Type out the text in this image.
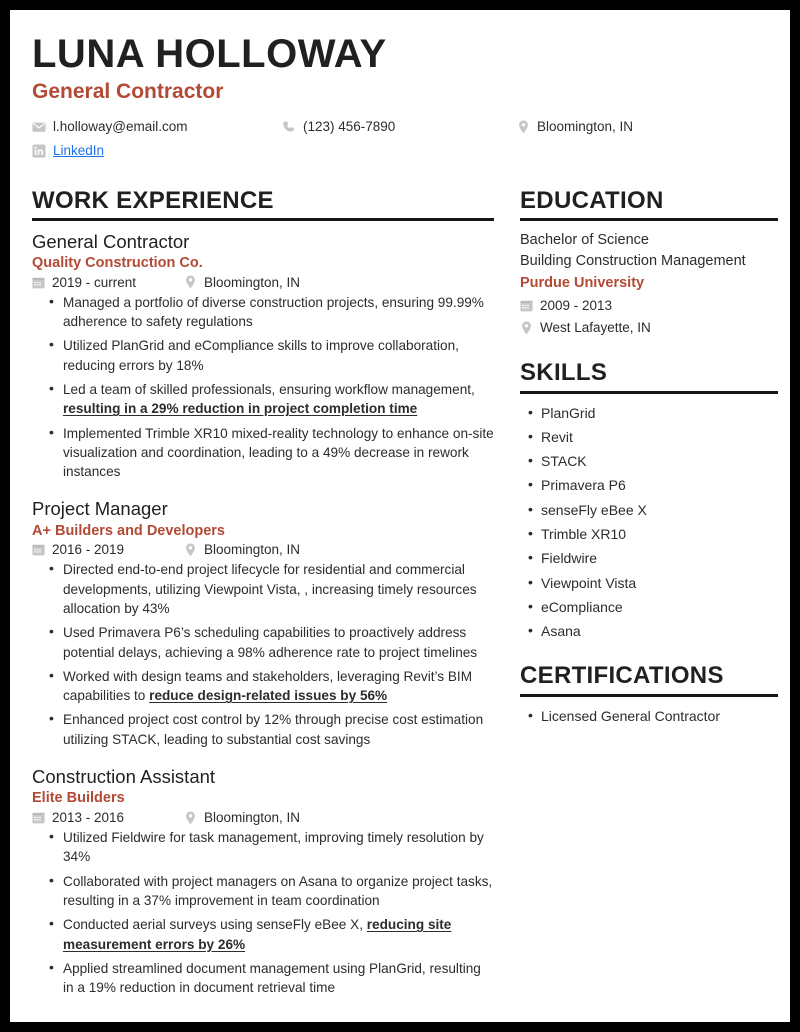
LUNA HOLLOWAY
General Contractor
l.holloway@email.com	(123) 456-7890	Bloomington, IN
LinkedIn
WORK EXPERIENCE
General Contractor
Quality Construction Co.
2019 - current	Bloomington, IN
• Managed a portfolio of diverse construction projects, ensuring 99.99% adherence to safety regulations
• Utilized PlanGrid and eCompliance skills to improve collaboration, reducing errors by 18%
• Led a team of skilled professionals, ensuring workflow management, resulting in a 29% reduction in project completion time
• Implemented Trimble XR10 mixed-reality technology to enhance on-site visualization and coordination, leading to a 49% decrease in rework instances
Project Manager
A+ Builders and Developers
2016 - 2019	Bloomington, IN
• Directed end-to-end project lifecycle for residential and commercial developments, utilizing Viewpoint Vista, , increasing timely resources allocation by 43%
• Used Primavera P6’s scheduling capabilities to proactively address potential delays, achieving a 98% adherence rate to project timelines
• Worked with design teams and stakeholders, leveraging Revit’s BIM capabilities to reduce design-related issues by 56%
• Enhanced project cost control by 12% through precise cost estimation utilizing STACK, leading to substantial cost savings
Construction Assistant
Elite Builders
2013 - 2016	Bloomington, IN
• Utilized Fieldwire for task management, improving timely resolution by 34%
• Collaborated with project managers on Asana to organize project tasks, resulting in a 37% improvement in team coordination
• Conducted aerial surveys using senseFly eBee X, reducing site measurement errors by 26%
• Applied streamlined document management using PlanGrid, resulting in a 19% reduction in document retrieval time
EDUCATION
Bachelor of Science
Building Construction Management
Purdue University
2009 - 2013
West Lafayette, IN
SKILLS
• PlanGrid
• Revit
• STACK
• Primavera P6
• senseFly eBee X
• Trimble XR10
• Fieldwire
• Viewpoint Vista
• eCompliance
• Asana
CERTIFICATIONS
• Licensed General Contractor
